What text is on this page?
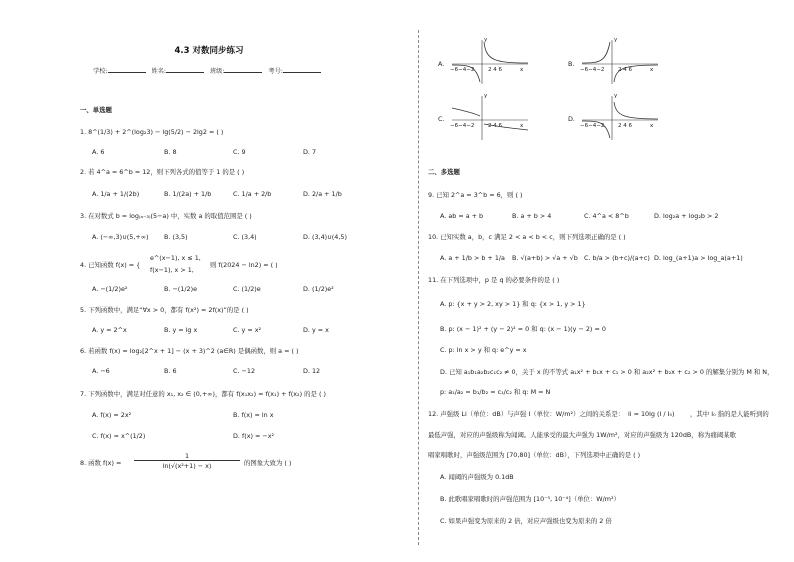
4.3 对数同步练习
学校:	姓名:	班级:	考号:
一、单选题
1. 8^(1/3) + 2^(log₂3) − lg(5/2) − 2lg2 = ( )
A. 6	B. 8	C. 9	D. 7
2. 若 4^a = 6^b = 12，则下列各式的值等于 1 的是 ( )
A. 1/a + 1/(2b)	B. 1/(2a) + 1/b	C. 1/a + 2/b	D. 2/a + 1/b
3. 在对数式 b = log₍ₐ₋₃₎(5−a) 中，实数 a 的取值范围是 ( )
A. (−∞,3)∪(5,+∞) B. (3,5)	C. (3,4)	D. (3,4)∪(4,5)
4. 已知函数 f(x) = {
e^(x−1), x ≤ 1,
f(x−1), x > 1,
则 f(2024 − ln2) = ( )
A. −(1/2)e²	B. −(1/2)e	C. (1/2)e	D. (1/2)e²
5. 下列函数中，满足“∀x > 0，都有 f(x²) = 2f(x)”的是 ( )
A. y = 2^x	B. y = lg x	C. y = x²	D. y = x
6. 若函数 f(x) = log₂[2^x + 1] − (x + 3)^2 (a∈R) 是偶函数，则 a = ( )
A. −6	B. 6	C. −12	D. 12
7. 下列函数中，满足对任意的 x₁, x₂ ∈ (0,+∞)，都有 f(x₁x₂) = f(x₁) + f(x₂) 的是 ( )
A. f(x) = 2x²	B. f(x) = ln x
C. f(x) = x^(1/2)	D. f(x) = −x²
8. 函数 f(x) =
1
ln(√(x²+1) − x)	的图象大致为 ( )
A.
−6−4−2 2 4 6	x
y
B.
−6−4−2 2 4 6	x
y
C.
−6−4−2 2 4 6	x
y
D.
−6−4−2 2 4 6	x
y
二、多选题
9. 已知 2^a = 3^b = 6，则 ( )
A. ab = a + b	B. a + b > 4	C. 4^a < 8^b	D. log₂a + log₂b > 2
10. 已知实数 a，b，c 满足 2 < a < b < c，则下列选项正确的是 ( )
A. a + 1/b > b + 1/a B. √(a+b) > √a + √b C. b/a > (b+c)/(a+c) D. log_(a+1)a > log_a(a+1)
11. 在下列选项中，p 是 q 的必要条件的是 ( )
A. p: {x + y > 2, xy > 1} 和 q: {x > 1, y > 1}
B. p: (x − 1)² + (y − 2)² = 0 和 q: (x − 1)(y − 2) = 0
C. p: ln x > y 和 q: e^y = x
D. 已知 a₁b₁a₂b₂c₁c₂ ≠ 0，关于 x 的不等式 a₁x² + b₁x + c₁ > 0 和 a₂x² + b₂x + c₂ > 0 的解集分别为 M 和 N，
p: a₁/a₂ = b₁/b₂ = c₁/c₂ 和 q: M = N
12. 声强级 Li（单位：dB）与声强 I（单位：W/m²）之间的关系是： li = 10lg (I / I₀) ，其中 I₀ 指的是人能听到的
最低声强，对应的声强级称为闻阈。人能承受的最大声强为 1W/m²，对应的声强级为 120dB，称为痛阈某歌
唱家唱歌时，声强级范围为 [70,80]（单位：dB），下列选项中正确的是 ( )
A. 闻阈的声强级为 0.1dB
B. 此歌唱家唱歌时的声强范围为 [10⁻⁵, 10⁻⁴]（单位：W/m²）
C. 如果声强变为原来的 2 倍，对应声强级也变为原来的 2 倍
